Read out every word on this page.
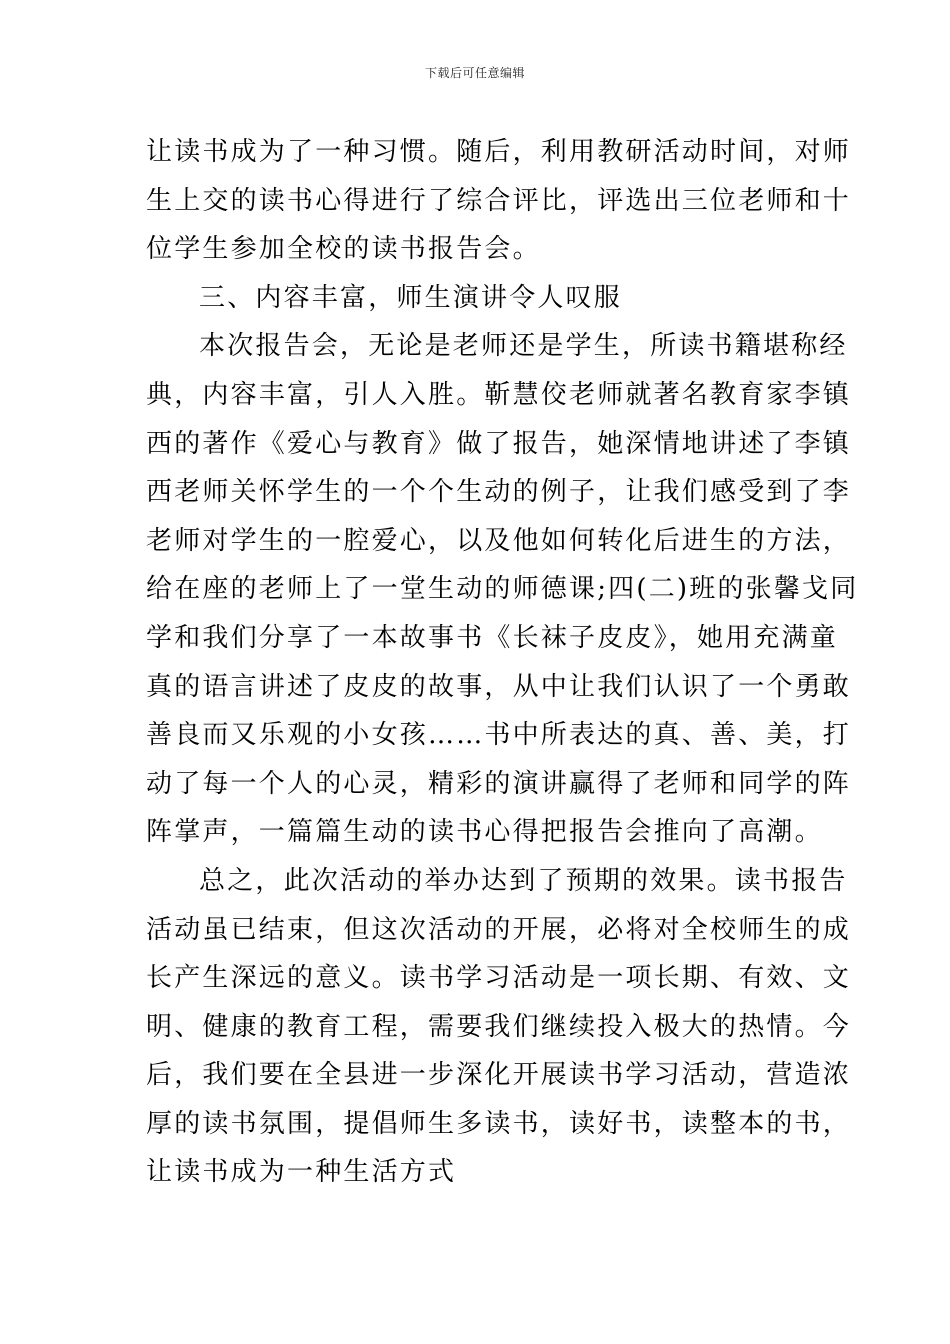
下载后可任意编辑
让读书成为了一种习惯。随后，利用教研活动时间，对师
生上交的读书心得进行了综合评比，评选出三位老师和十
位学生参加全校的读书报告会。
三、内容丰富，师生演讲令人叹服
本次报告会，无论是老师还是学生，所读书籍堪称经
典，内容丰富，引人入胜。靳慧佼老师就著名教育家李镇
西的著作《爱心与教育》做了报告，她深情地讲述了李镇
西老师关怀学生的一个个生动的例子，让我们感受到了李
老师对学生的一腔爱心，以及他如何转化后进生的方法，
给在座的老师上了一堂生动的师德课;四(二)班的张馨戈同
学和我们分享了一本故事书《长袜子皮皮》，她用充满童
真的语言讲述了皮皮的故事，从中让我们认识了一个勇敢
善良而又乐观的小女孩……书中所表达的真、善、美，打
动了每一个人的心灵，精彩的演讲赢得了老师和同学的阵
阵掌声，一篇篇生动的读书心得把报告会推向了高潮。
总之，此次活动的举办达到了预期的效果。读书报告
活动虽已结束，但这次活动的开展，必将对全校师生的成
长产生深远的意义。读书学习活动是一项长期、有效、文
明、健康的教育工程，需要我们继续投入极大的热情。今
后，我们要在全县进一步深化开展读书学习活动，营造浓
厚的读书氛围，提倡师生多读书，读好书，读整本的书，
让读书成为一种生活方式
